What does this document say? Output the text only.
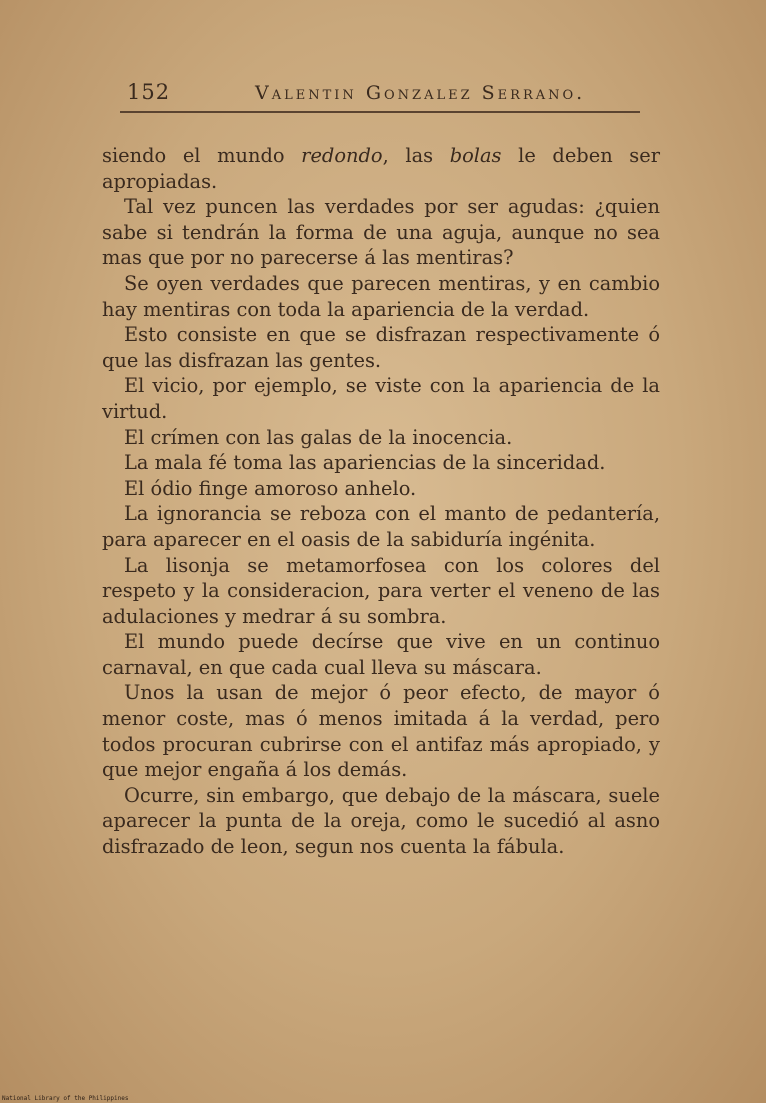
152	Valentin Gonzalez Serrano.

siendo el mundo redondo, las bolas le deben ser apropiadas.

Tal vez puncen las verdades por ser agudas: ¿quien sabe si tendrán la forma de una aguja, aunque no sea mas que por no parecerse á las mentiras?

Se oyen verdades que parecen mentiras, y en cambio hay mentiras con toda la apariencia de la verdad.

Esto consiste en que se disfrazan respectivamente ó que las disfrazan las gentes.

El vicio, por ejemplo, se viste con la apariencia de la virtud.

El crímen con las galas de la inocencia.

La mala fé toma las apariencias de la sinceridad.

El ódio finge amoroso anhelo.

La ignorancia se reboza con el manto de pedantería, para aparecer en el oasis de la sabiduría ingénita.

La lisonja se metamorfosea con los colores del respeto y la consideracion, para verter el veneno de las adulaciones y medrar á su sombra.

El mundo puede decírse que vive en un continuo carnaval, en que cada cual lleva su máscara.

Unos la usan de mejor ó peor efecto, de mayor ó menor coste, mas ó menos imitada á la verdad, pero todos procuran cubrirse con el antifaz más apropiado, y que mejor engaña á los demás.

Ocurre, sin embargo, que debajo de la máscara, suele aparecer la punta de la oreja, como le sucedió al asno disfrazado de leon, segun nos cuenta la fábula.

National Library of the Philippines
